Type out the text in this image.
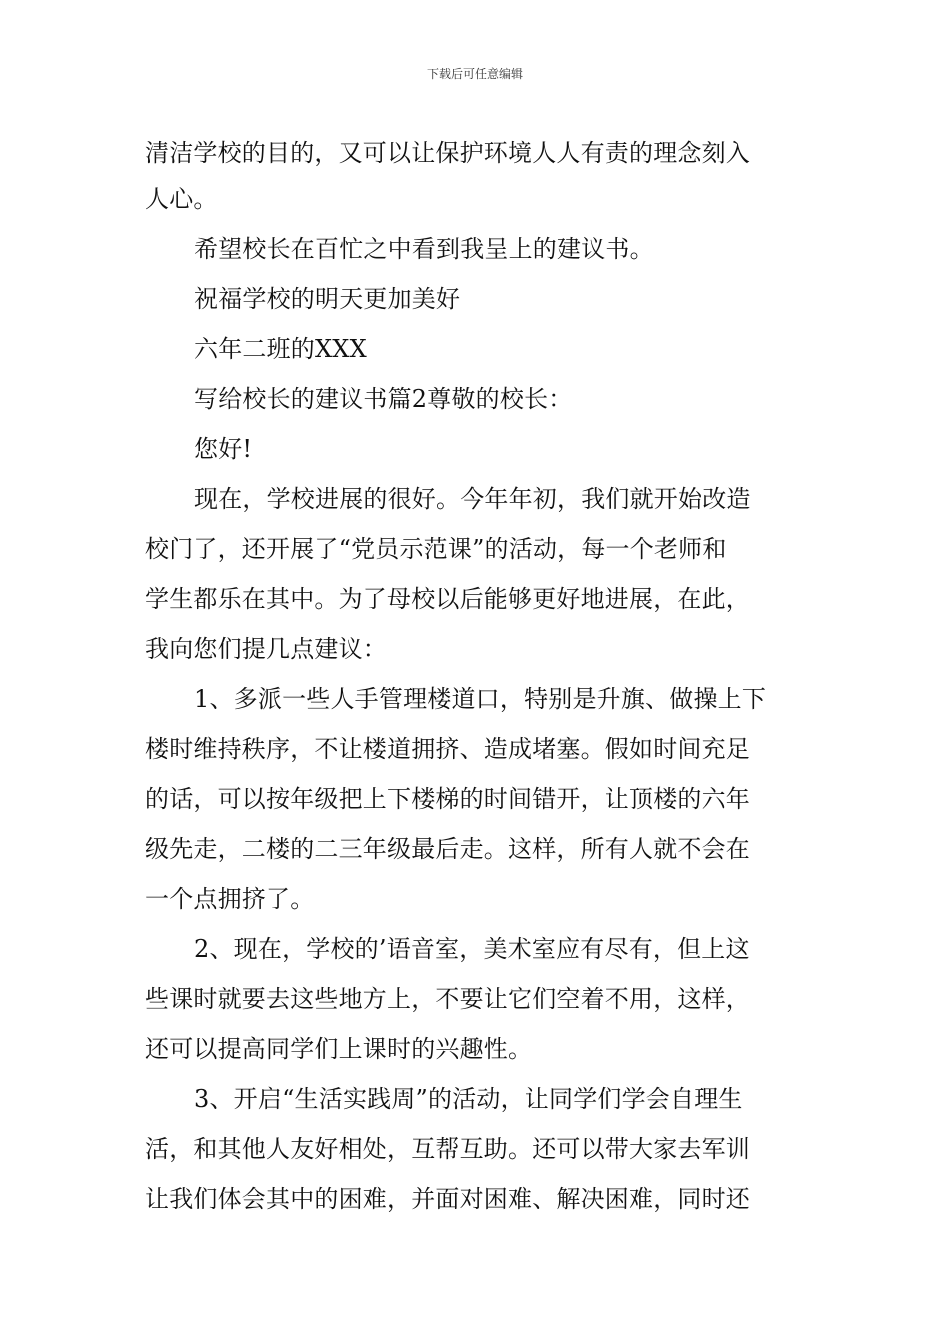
下载后可任意编辑
清洁学校的目的，又可以让保护环境人人有责的理念刻入
人心。
希望校长在百忙之中看到我呈上的建议书。
祝福学校的明天更加美好
六年二班的XXX
写给校长的建议书篇2尊敬的校长：
您好!
现在，学校进展的很好。今年年初，我们就开始改造
校门了，还开展了“党员示范课”的活动，每一个老师和
学生都乐在其中。为了母校以后能够更好地进展，在此，
我向您们提几点建议：
1、多派一些人手管理楼道口，特别是升旗、做操上下
楼时维持秩序，不让楼道拥挤、造成堵塞。假如时间充足
的话，可以按年级把上下楼梯的时间错开，让顶楼的六年
级先走，二楼的二三年级最后走。这样，所有人就不会在
一个点拥挤了。
2、现在，学校的’语音室，美术室应有尽有，但上这
些课时就要去这些地方上，不要让它们空着不用，这样，
还可以提高同学们上课时的兴趣性。
3、开启“生活实践周”的活动，让同学们学会自理生
活，和其他人友好相处，互帮互助。还可以带大家去军训
让我们体会其中的困难，并面对困难、解决困难，同时还
